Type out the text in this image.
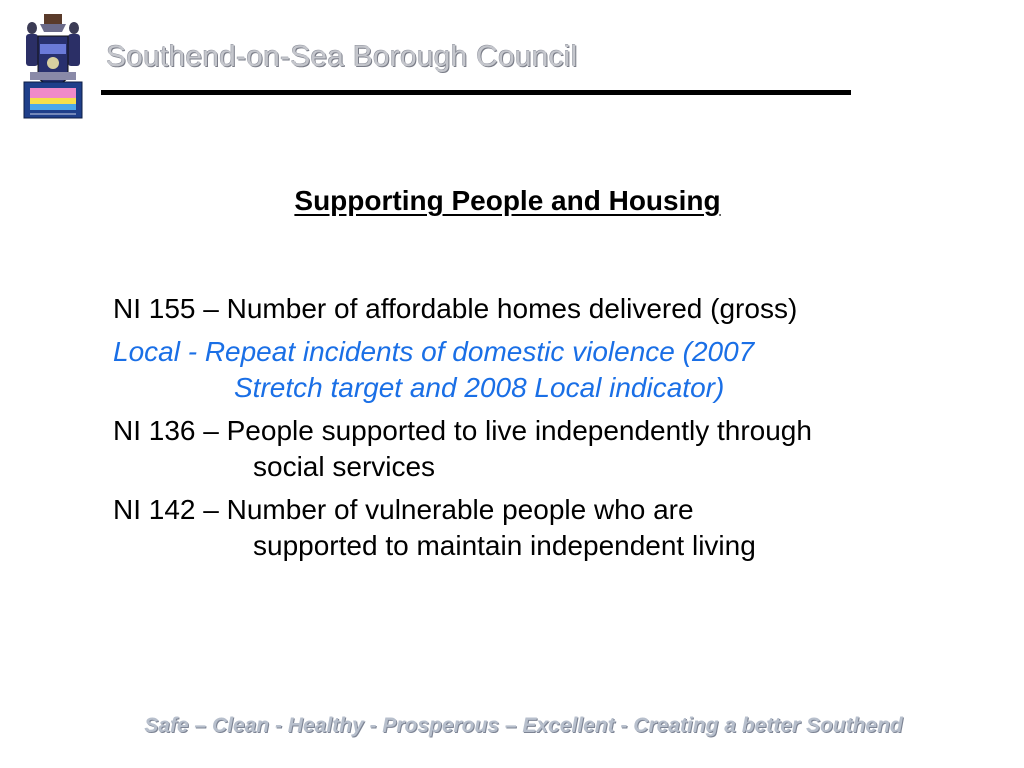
Southend-on-Sea Borough Council
Supporting People and Housing
NI 155 – Number of affordable homes delivered (gross)
Local - Repeat incidents of domestic violence (2007
Stretch target and 2008 Local indicator)
NI 136 – People supported to live independently through
social services
NI 142 – Number of vulnerable people who are
supported to maintain independent living
Safe – Clean - Healthy - Prosperous – Excellent - Creating a better Southend
